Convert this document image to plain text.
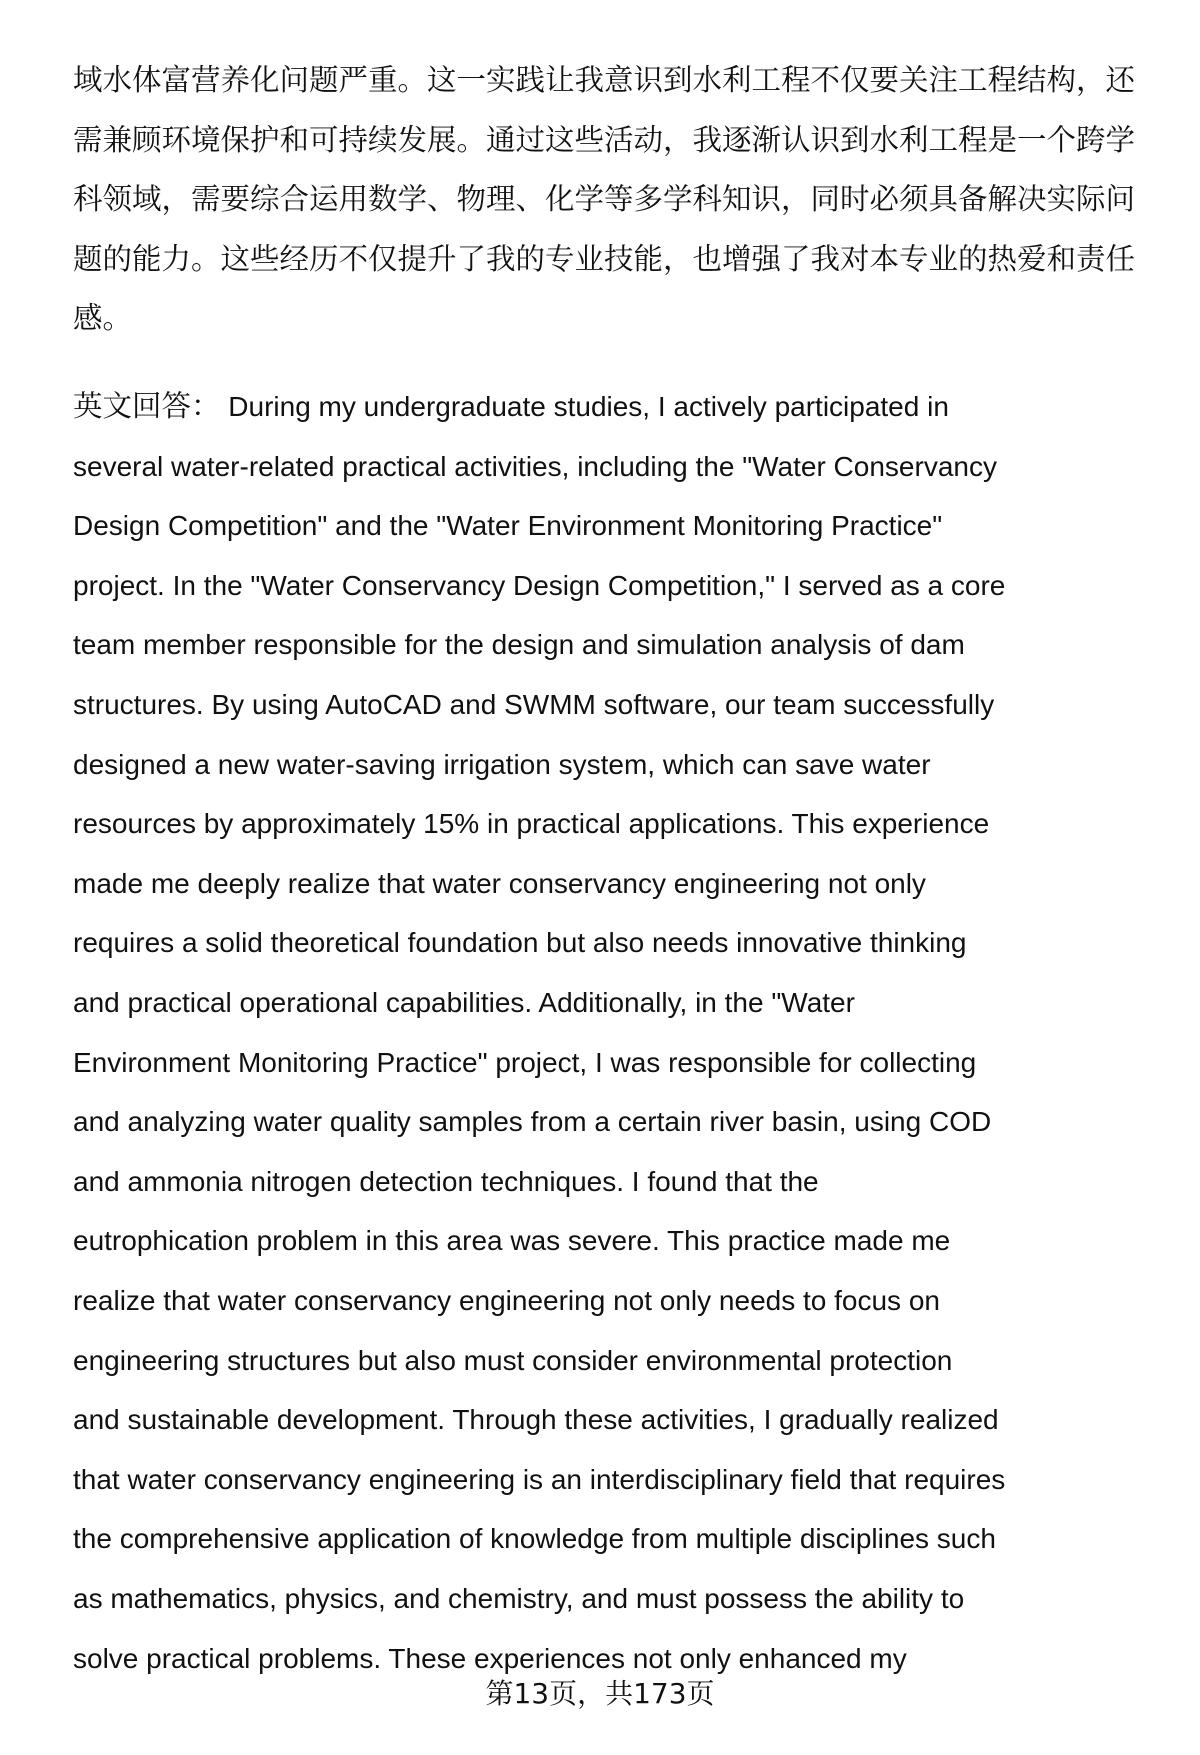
域水体富营养化问题严重。这一实践让我意识到水利工程不仅要关注工程结构，还
需兼顾环境保护和可持续发展。通过这些活动，我逐渐认识到水利工程是一个跨学
科领域，需要综合运用数学、物理、化学等多学科知识，同时必须具备解决实际问
题的能力。这些经历不仅提升了我的专业技能，也增强了我对本专业的热爱和责任
感。
英文回答： During my undergraduate studies, I actively participated in
several water-related practical activities, including the "Water Conservancy
Design Competition" and the "Water Environment Monitoring Practice"
project. In the "Water Conservancy Design Competition," I served as a core
team member responsible for the design and simulation analysis of dam
structures. By using AutoCAD and SWMM software, our team successfully
designed a new water-saving irrigation system, which can save water
resources by approximately 15% in practical applications. This experience
made me deeply realize that water conservancy engineering not only
requires a solid theoretical foundation but also needs innovative thinking
and practical operational capabilities. Additionally, in the "Water
Environment Monitoring Practice" project, I was responsible for collecting
and analyzing water quality samples from a certain river basin, using COD
and ammonia nitrogen detection techniques. I found that the
eutrophication problem in this area was severe. This practice made me
realize that water conservancy engineering not only needs to focus on
engineering structures but also must consider environmental protection
and sustainable development. Through these activities, I gradually realized
that water conservancy engineering is an interdisciplinary field that requires
the comprehensive application of knowledge from multiple disciplines such
as mathematics, physics, and chemistry, and must possess the ability to
solve practical problems. These experiences not only enhanced my
第13页，共173页
